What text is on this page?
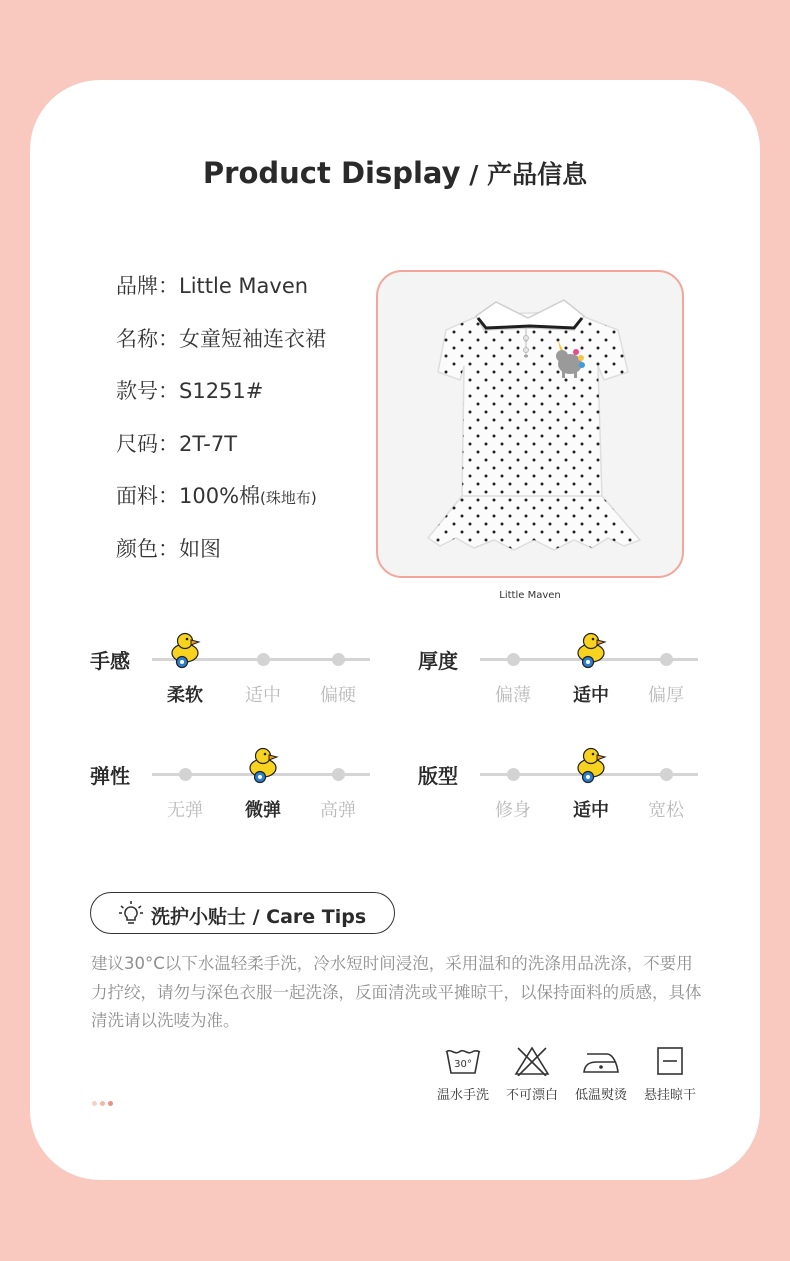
Product Display / 产品信息
品牌：Little Maven
名称：女童短袖连衣裙
款号：S1251#
尺码：2T-7T
面料：100%棉(珠地布)
颜色：如图
Little Maven
手感
柔软	适中	偏硬
厚度
偏薄	适中	偏厚
弹性
无弹	微弹	高弹
版型
修身	适中	宽松
洗护小贴士 / Care Tips
建议30°C以下水温轻柔手洗，冷水短时间浸泡，采用温和的洗涤用品洗涤，不要用力拧绞，请勿与深色衣服一起洗涤，反面清洗或平摊晾干，以保持面料的质感，具体清洗请以洗唛为准。
30°
温水手洗	不可漂白	低温熨烫	悬挂晾干
